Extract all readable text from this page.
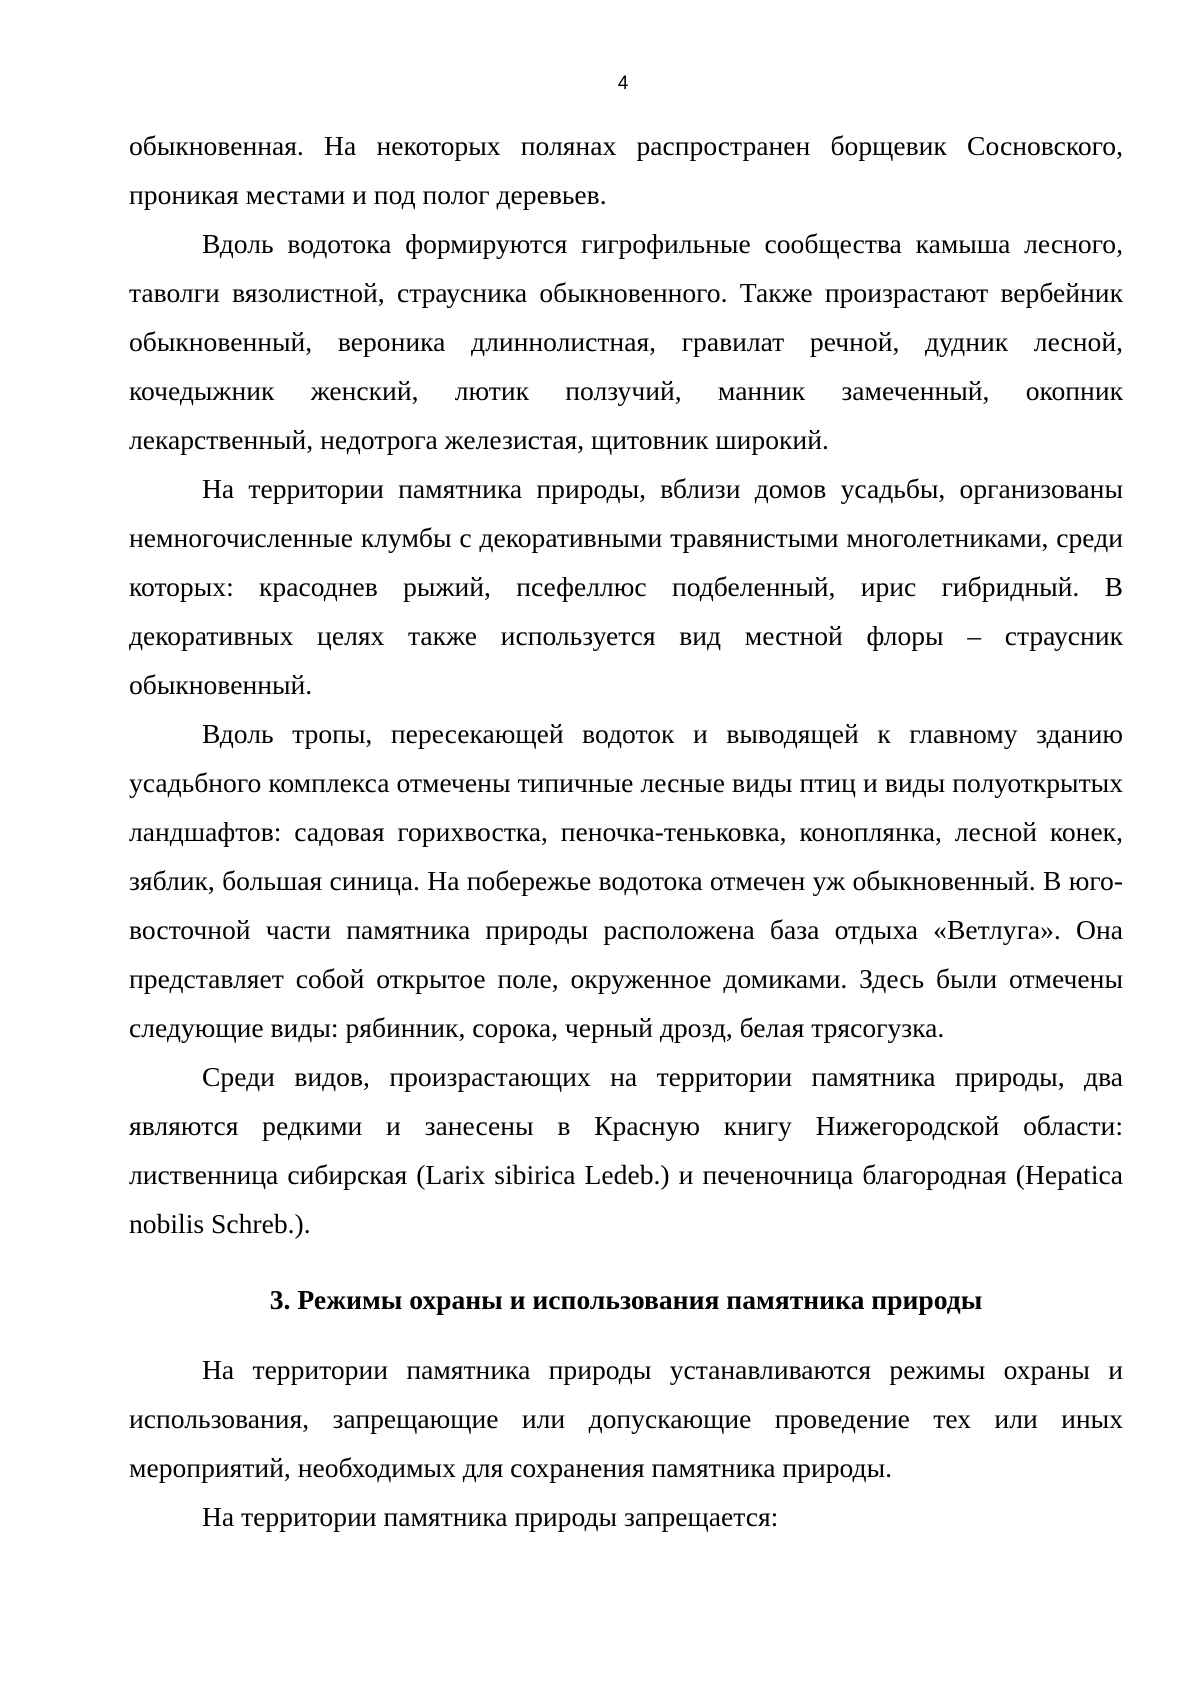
4

обыкновенная. На некоторых полянах распространен борщевик Сосновского, проникая местами и под полог деревьев.

Вдоль водотока формируются гигрофильные сообщества камыша лесного, таволги вязолистной, страусника обыкновенного. Также произрастают вербейник обыкновенный, вероника длиннолистная, гравилат речной, дудник лесной, кочедыжник женский, лютик ползучий, манник замеченный, окопник лекарственный, недотрога железистая, щитовник широкий.

На территории памятника природы, вблизи домов усадьбы, организованы немногочисленные клумбы с декоративными травянистыми многолетниками, среди которых: красоднев рыжий, псефеллюс подбеленный, ирис гибридный. В декоративных целях также используется вид местной флоры – страусник обыкновенный.

Вдоль тропы, пересекающей водоток и выводящей к главному зданию усадьбного комплекса отмечены типичные лесные виды птиц и виды полуоткрытых ландшафтов: садовая горихвостка, пеночка-теньковка, коноплянка, лесной конек, зяблик, большая синица. На побережье водотока отмечен уж обыкновенный. В юго-восточной части памятника природы расположена база отдыха «Ветлуга». Она представляет собой открытое поле, окруженное домиками. Здесь были отмечены следующие виды: рябинник, сорока, черный дрозд, белая трясогузка.

Среди видов, произрастающих на территории памятника природы, два являются редкими и занесены в Красную книгу Нижегородской области: лиственница сибирская (Larix sibirica Ledeb.) и печеночница благородная (Hepatica nobilis Schreb.).

3. Режимы охраны и использования памятника природы

На территории памятника природы устанавливаются режимы охраны и использования, запрещающие или допускающие проведение тех или иных мероприятий, необходимых для сохранения памятника природы.

На территории памятника природы запрещается:
